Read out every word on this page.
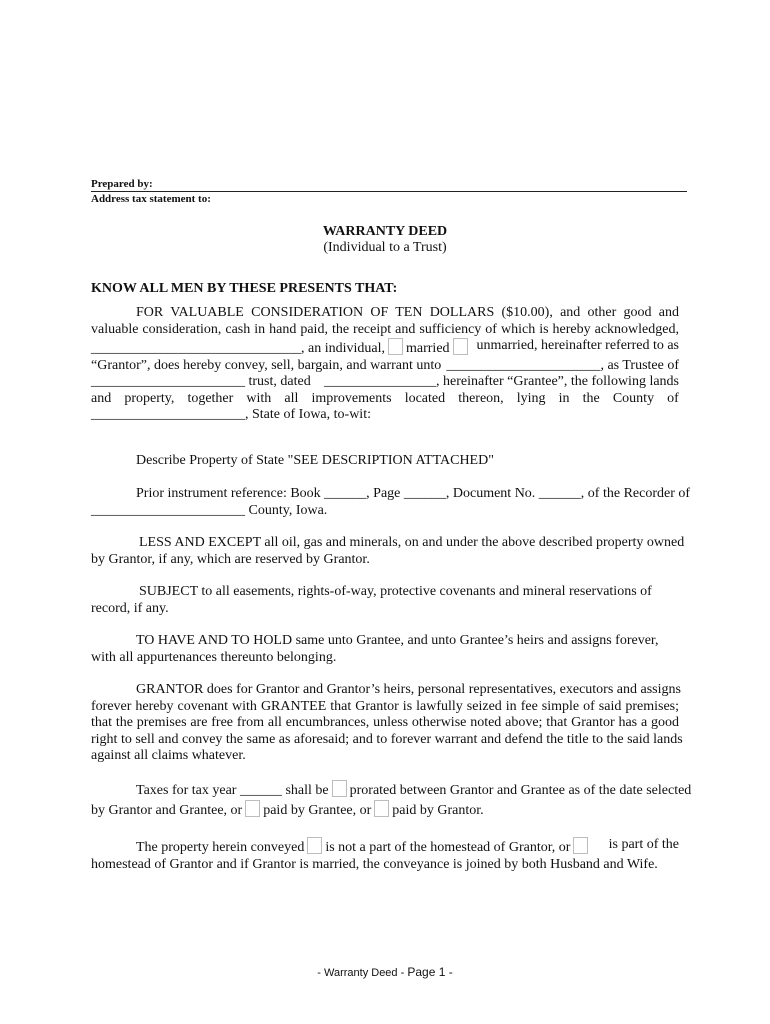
Prepared by:
Address tax statement to:
WARRANTY DEED
(Individual to a Trust)
KNOW ALL MEN BY THESE PRESENTS THAT:
FOR VALUABLE CONSIDERATION OF TEN DOLLARS ($10.00), and other good and
valuable consideration, cash in hand paid, the receipt and sufficiency of which is hereby acknowledged,
______________________________, an individual, married	unmarried, hereinafter referred to as
“Grantor”, does hereby convey, sell, bargain, and warrant unto ______________________, as Trustee of
______________________ trust, dated ________________, hereinafter “Grantee”, the following lands
and property, together with all improvements located thereon, lying in the County of
______________________, State of Iowa, to-wit:
Describe Property of State "SEE DESCRIPTION ATTACHED"
Prior instrument reference: Book ______, Page ______, Document No. ______, of the Recorder of
______________________ County, Iowa.
LESS AND EXCEPT all oil, gas and minerals, on and under the above described property owned
by Grantor, if any, which are reserved by Grantor.
SUBJECT to all easements, rights-of-way, protective covenants and mineral reservations of
record, if any.
TO HAVE AND TO HOLD same unto Grantee, and unto Grantee’s heirs and assigns forever,
with all appurtenances thereunto belonging.
GRANTOR does for Grantor and Grantor’s heirs, personal representatives, executors and assigns
forever hereby covenant with GRANTEE that Grantor is lawfully seized in fee simple of said premises;
that the premises are free from all encumbrances, unless otherwise noted above; that Grantor has a good
right to sell and convey the same as aforesaid; and to forever warrant and defend the title to the said lands
against all claims whatever.
Taxes for tax year ______ shall be prorated between Grantor and Grantee as of the date selected
by Grantor and Grantee, or paid by Grantee, or paid by Grantor.
The property herein conveyed is not a part of the homestead of Grantor, or	is part of the
homestead of Grantor and if Grantor is married, the conveyance is joined by both Husband and Wife.
- Warranty Deed - Page 1 -
